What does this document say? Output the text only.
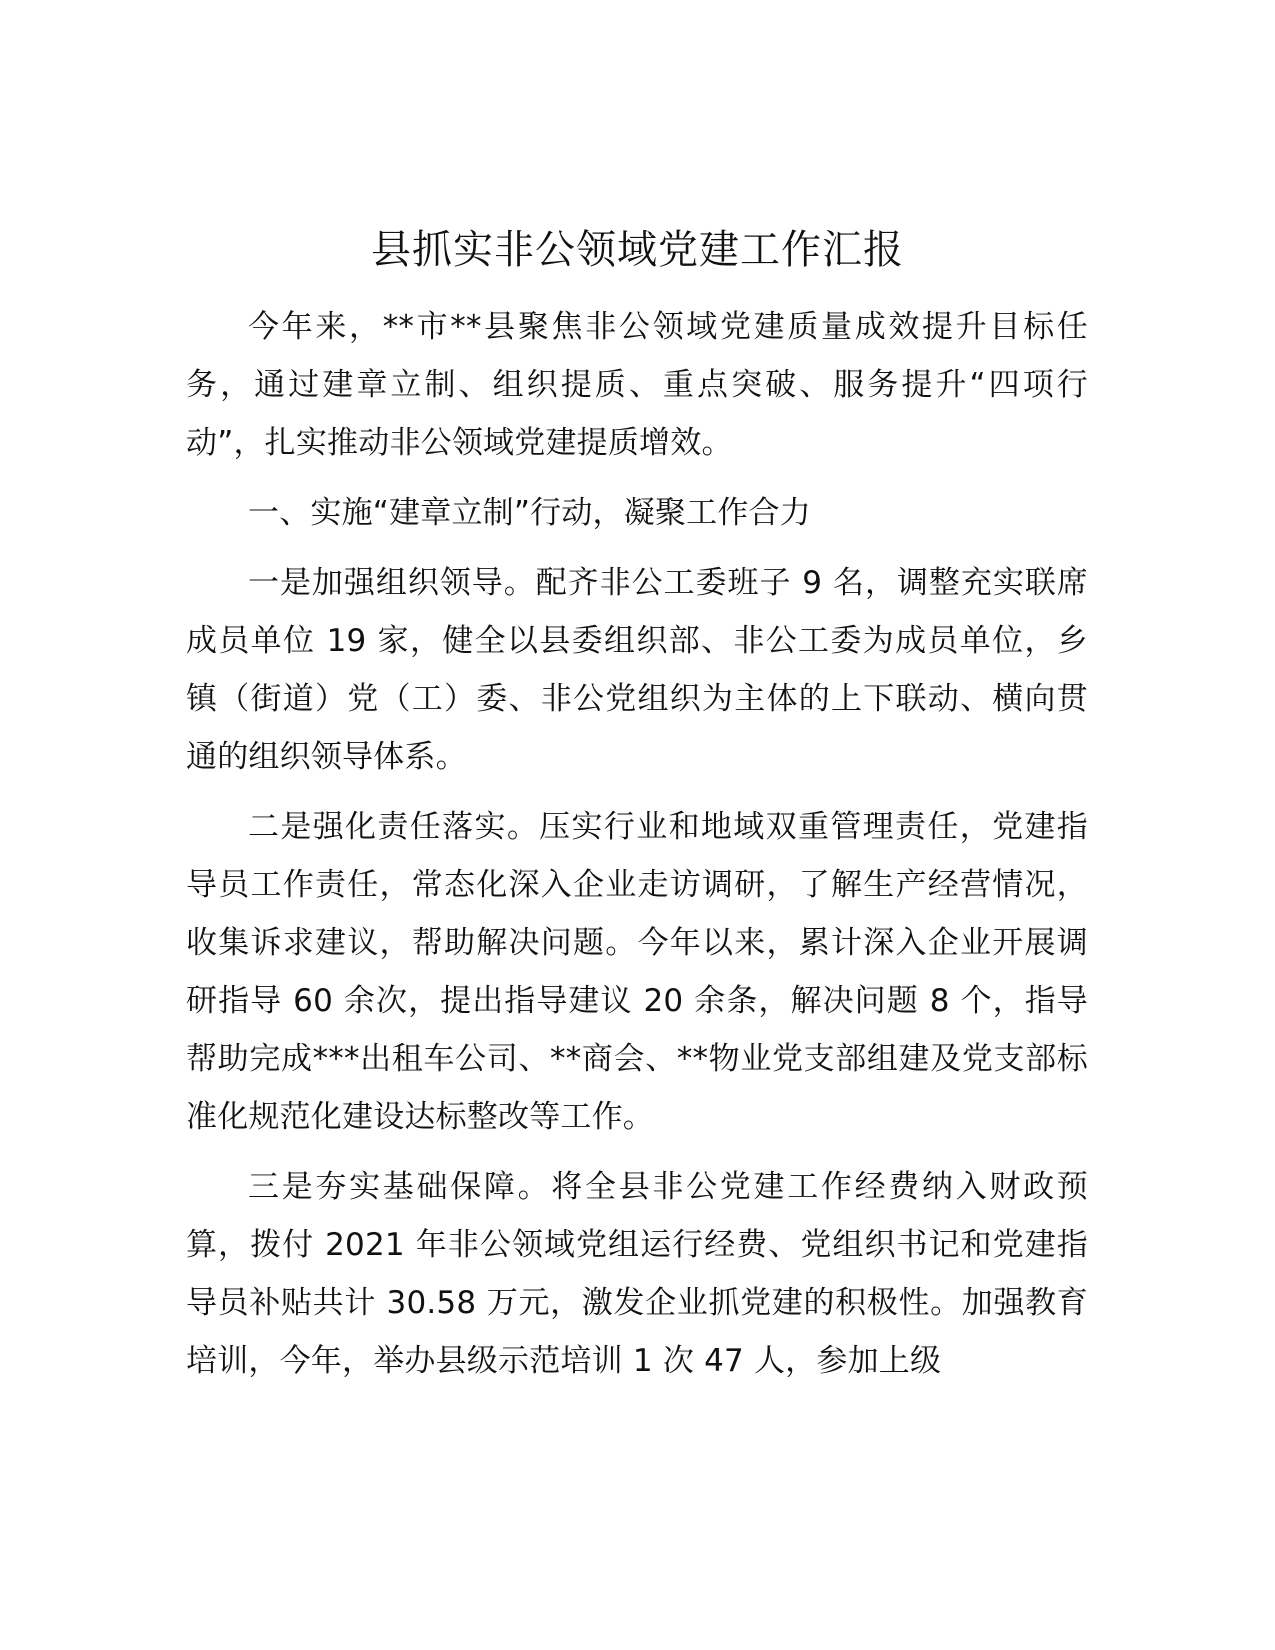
县抓实非公领域党建工作汇报

今年来，**市**县聚焦非公领域党建质量成效提升目标任务，通过建章立制、组织提质、重点突破、服务提升“四项行动”，扎实推动非公领域党建提质增效。

一、实施“建章立制”行动，凝聚工作合力

一是加强组织领导。配齐非公工委班子 9 名，调整充实联席成员单位 19 家，健全以县委组织部、非公工委为成员单位，乡镇（街道）党（工）委、非公党组织为主体的上下联动、横向贯通的组织领导体系。

二是强化责任落实。压实行业和地域双重管理责任，党建指导员工作责任，常态化深入企业走访调研，了解生产经营情况，收集诉求建议，帮助解决问题。今年以来，累计深入企业开展调研指导 60 余次，提出指导建议 20 余条，解决问题 8 个，指导帮助完成***出租车公司、**商会、**物业党支部组建及党支部标准化规范化建设达标整改等工作。

三是夯实基础保障。将全县非公党建工作经费纳入财政预算，拨付 2021 年非公领域党组运行经费、党组织书记和党建指导员补贴共计 30.58 万元，激发企业抓党建的积极性。加强教育培训，今年，举办县级示范培训 1 次 47 人，参加上级
